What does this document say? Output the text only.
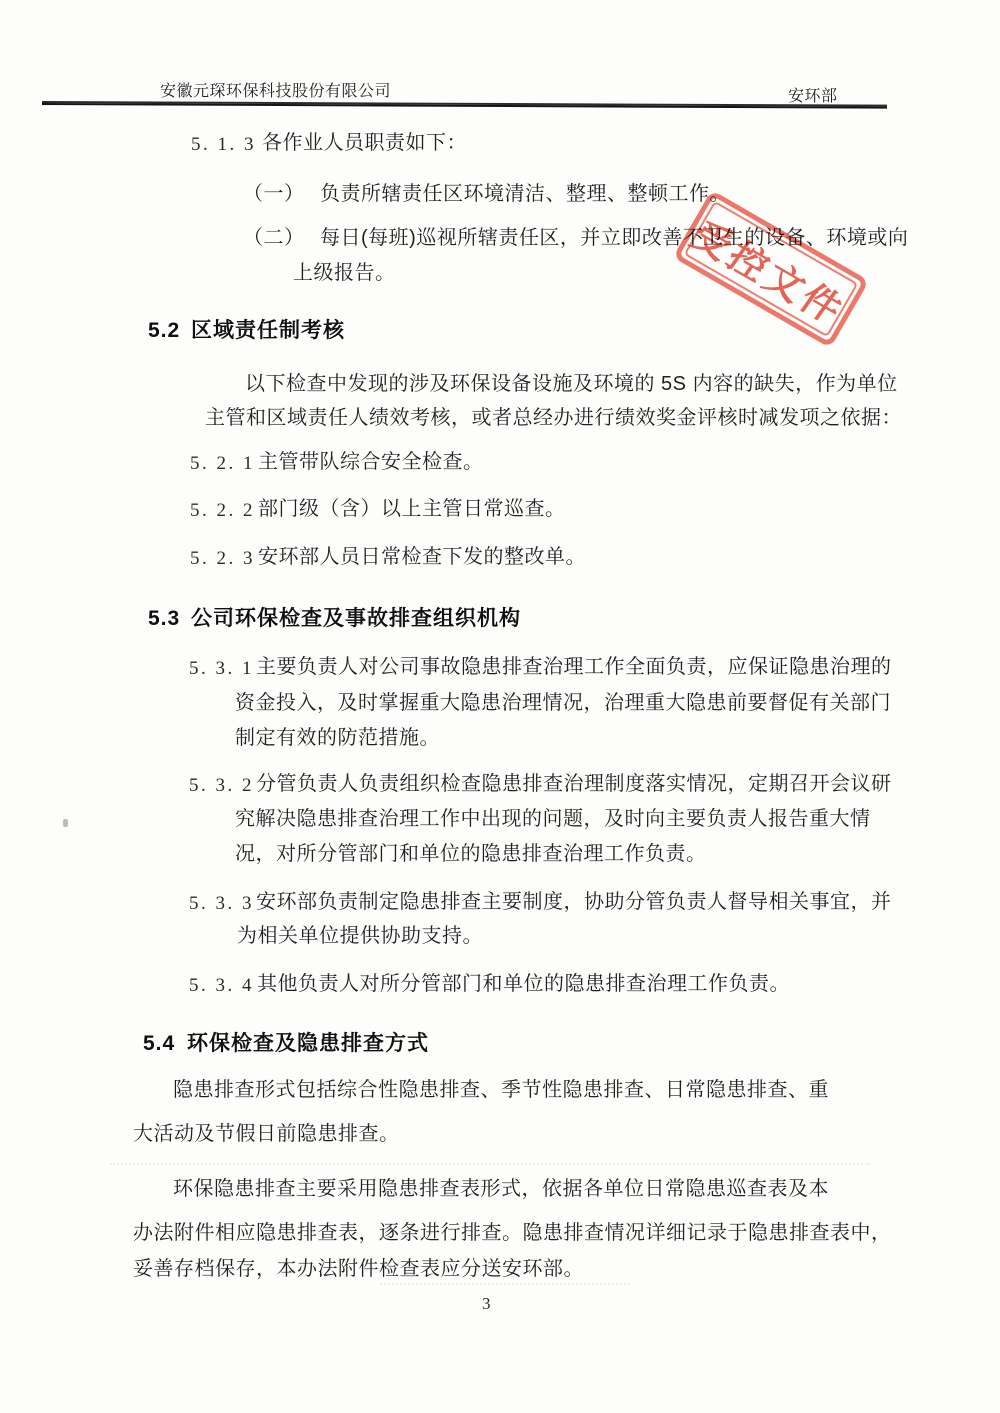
安徽元琛环保科技股份有限公司	安环部
5. 1. 3 各作业人员职责如下：
（一） 负责所辖责任区环境清洁、整理、整顿工作。
（二） 每日(每班)巡视所辖责任区，并立即改善不卫生的设备、环境或向
上级报告。
5.2 区域责任制考核
以下检查中发现的涉及环保设备设施及环境的 5S 内容的缺失，作为单位
主管和区域责任人绩效考核，或者总经办进行绩效奖金评核时减发项之依据：
5. 2. 1 主管带队综合安全检查。
5. 2. 2 部门级（含）以上主管日常巡查。
5. 2. 3 安环部人员日常检查下发的整改单。
5.3 公司环保检查及事故排查组织机构
5. 3. 1 主要负责人对公司事故隐患排查治理工作全面负责，应保证隐患治理的
资金投入，及时掌握重大隐患治理情况，治理重大隐患前要督促有关部门
制定有效的防范措施。
5. 3. 2 分管负责人负责组织检查隐患排查治理制度落实情况，定期召开会议研
究解决隐患排查治理工作中出现的问题，及时向主要负责人报告重大情
况，对所分管部门和单位的隐患排查治理工作负责。
5. 3. 3 安环部负责制定隐患排查主要制度，协助分管负责人督导相关事宜，并
为相关单位提供协助支持。
5. 3. 4 其他负责人对所分管部门和单位的隐患排查治理工作负责。
5.4 环保检查及隐患排查方式
隐患排查形式包括综合性隐患排查、季节性隐患排查、日常隐患排查、重
大活动及节假日前隐患排查。
环保隐患排查主要采用隐患排查表形式，依据各单位日常隐患巡查表及本
办法附件相应隐患排查表，逐条进行排查。隐患排查情况详细记录于隐患排查表中，
妥善存档保存，本办法附件检查表应分送安环部。
受控文件
3
